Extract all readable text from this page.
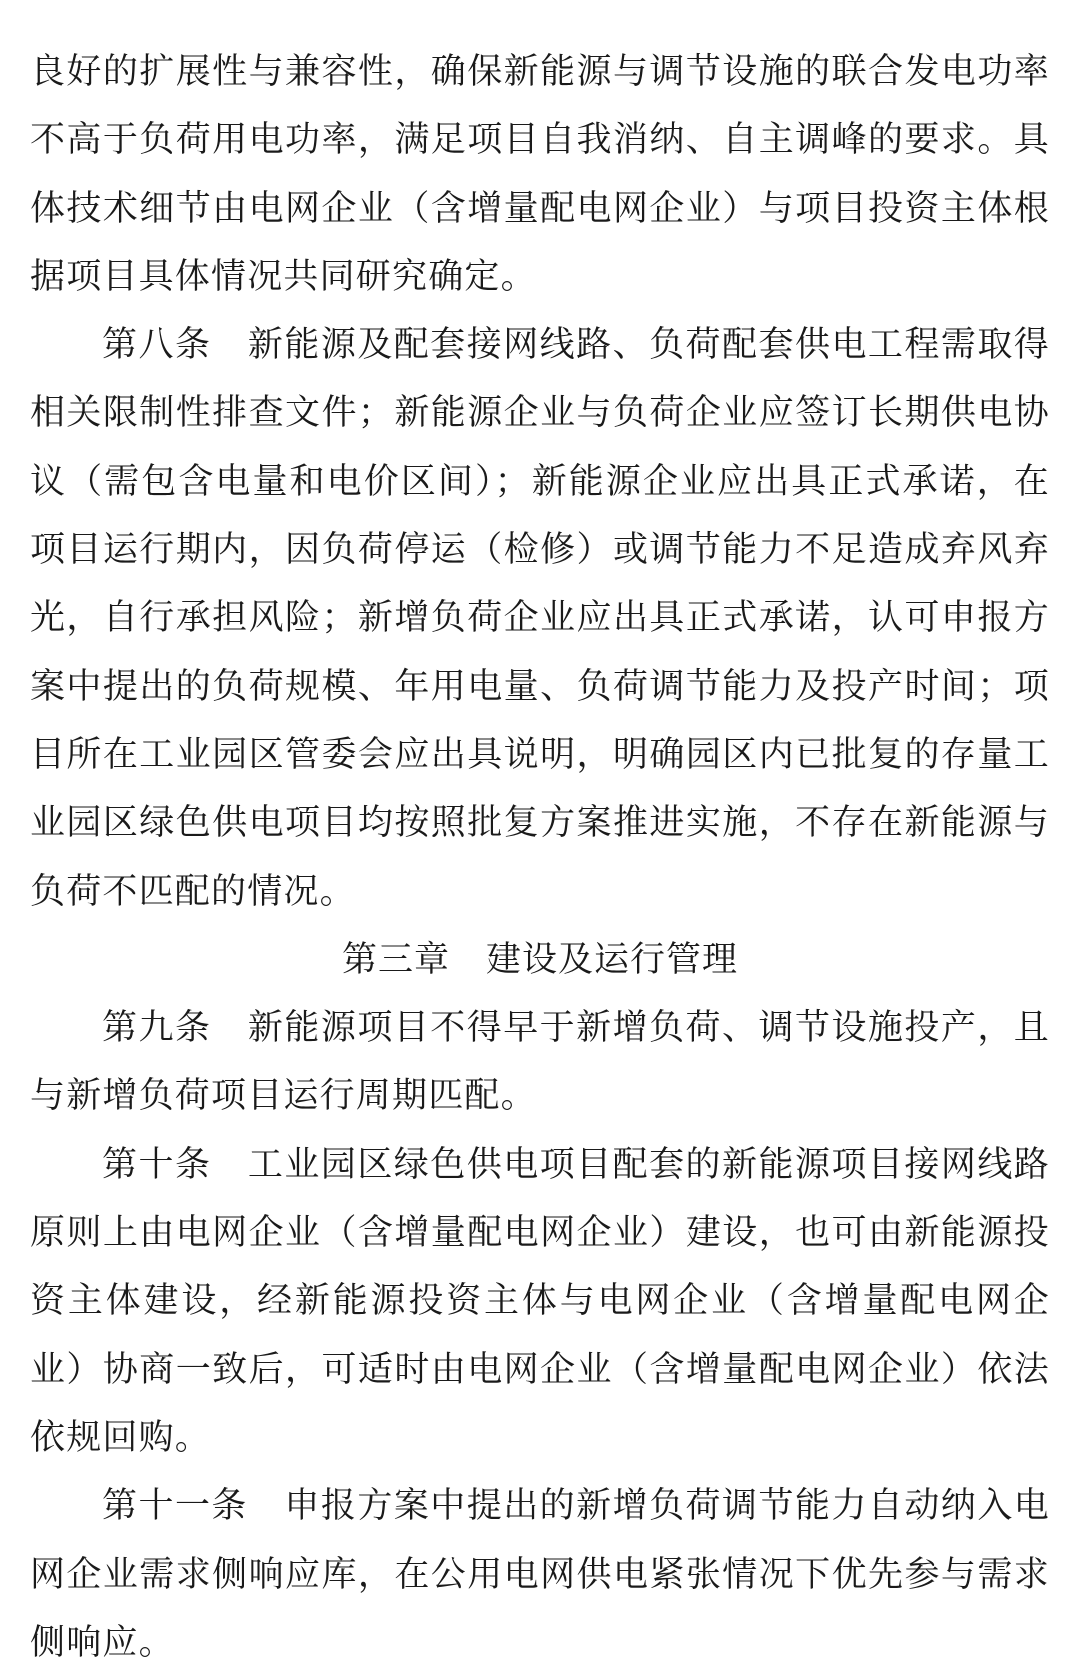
良好的扩展性与兼容性，确保新能源与调节设施的联合发电功率不高于负荷用电功率，满足项目自我消纳、自主调峰的要求。具体技术细节由电网企业（含增量配电网企业）与项目投资主体根据项目具体情况共同研究确定。

第八条　 新能源及配套接网线路、负荷配套供电工程需取得相关限制性排查文件；新能源企业与负荷企业应签订长期供电协议（需包含电量和电价区间）；新能源企业应出具正式承诺，在项目运行期内，因负荷停运（检修）或调节能力不足造成弃风弃光，自行承担风险；新增负荷企业应出具正式承诺，认可申报方案中提出的负荷规模、年用电量、负荷调节能力及投产时间；项目所在工业园区管委会应出具说明，明确园区内已批复的存量工业园区绿色供电项目均按照批复方案推进实施，不存在新能源与负荷不匹配的情况。

第三章　建设及运行管理

第九条　 新能源项目不得早于新增负荷、调节设施投产，且与新增负荷项目运行周期匹配。

第十条　 工业园区绿色供电项目配套的新能源项目接网线路原则上由电网企业（含增量配电网企业）建设，也可由新能源投资主体建设，经新能源投资主体与电网企业（含增量配电网企业）协商一致后，可适时由电网企业（含增量配电网企业）依法依规回购。

第十一条　 申报方案中提出的新增负荷调节能力自动纳入电网企业需求侧响应库，在公用电网供电紧张情况下优先参与需求侧响应。
